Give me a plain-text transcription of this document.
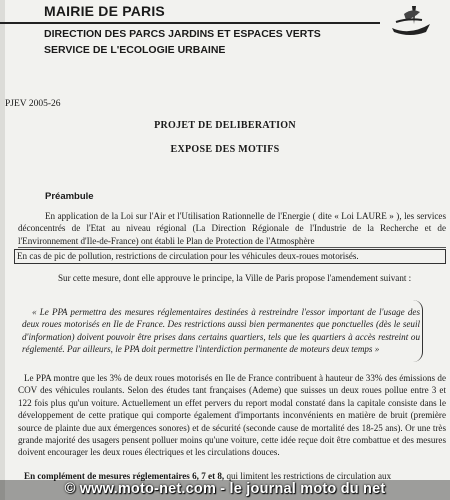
MAIRIE DE PARIS
DIRECTION DES PARCS JARDINS ET ESPACES VERTS
SERVICE DE L'ECOLOGIE URBAINE
PJEV 2005-26
PROJET DE DELIBERATION
EXPOSE DES MOTIFS
Préambule
En application de la Loi sur l'Air et l'Utilisation Rationnelle de l'Energie ( dite « Loi LAURE » ), les services déconcentrés de l'Etat au niveau régional (La Direction Régionale de l'Industrie de la Recherche et de l'Environnement d'Ile-de-France) ont établi le Plan de Protection de l'Atmosphère
En cas de pic de pollution, restrictions de circulation pour les véhicules deux-roues motorisés.
Sur cette mesure, dont elle approuve le principe, la Ville de Paris propose l'amendement suivant :
« Le PPA permettra des mesures réglementaires destinées à restreindre l'essor important de l'usage des deux roues motorisés en Ile de France. Des restrictions aussi bien permanentes que ponctuelles (dès le seuil d'information) doivent pouvoir être prises dans certains quartiers, tels que les quartiers à accès restreint ou réglementé. Par ailleurs, le PPA doit permettre l'interdiction permanente de moteurs deux temps »
Le PPA montre que les 3% de deux roues motorisés en Ile de France contribuent à hauteur de 33% des émissions de COV des véhicules roulants. Selon des études tant françaises (Ademe) que suisses un deux roues pollue entre 3 et 122 fois plus qu'un voiture. Actuellement un effet pervers du report modal constaté dans la capitale consiste dans le développement de cette pratique qui comporte également d'importants inconvénients en matière de bruit (première source de plainte due aux émergences sonores) et de sécurité (seconde cause de mortalité des 18-25 ans). Or une très grande majorité des usagers pensent polluer moins qu'une voiture, cette idée reçue doit être combattue et des mesures doivent encourager les deux roues électriques et les circulations douces.
En complément de mesures réglementaires 6, 7 et 8, qui limitent les restrictions de circulation aux
© www.moto-net.com - le journal moto du net
